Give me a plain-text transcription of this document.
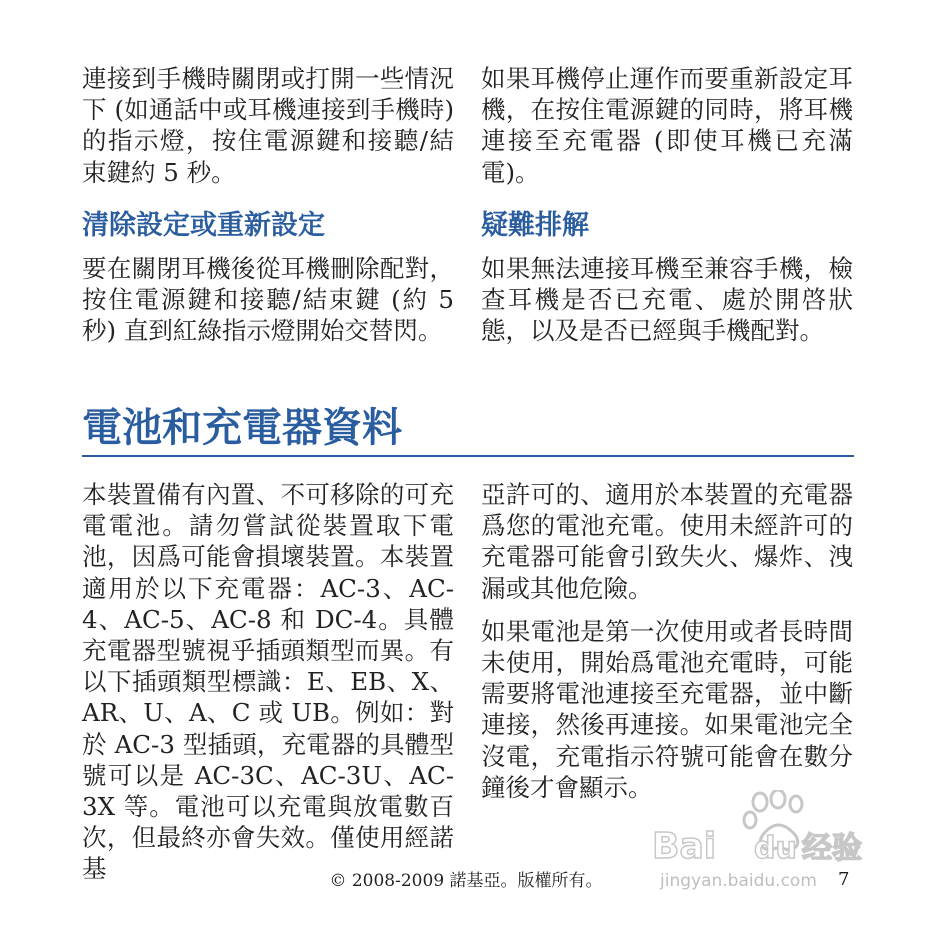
連接到手機時關閉或打開一些情況下 (如通話中或耳機連接到手機時) 的指示燈，按住電源鍵和接聽/結束鍵約 5 秒。

如果耳機停止運作而要重新設定耳機，在按住電源鍵的同時，將耳機連接至充電器 (即使耳機已充滿電)。

清除設定或重新設定	疑難排解

要在關閉耳機後從耳機刪除配對，按住電源鍵和接聽/結束鍵 (約 5 秒) 直到紅綠指示燈開始交替閃。

如果無法連接耳機至兼容手機，檢查耳機是否已充電、處於開啓狀態，以及是否已經與手機配對。

電池和充電器資料

本裝置備有內置、不可移除的可充電電池。請勿嘗試從裝置取下電池，因爲可能會損壞裝置。本裝置適用於以下充電器：AC-3、AC-4、AC-5、AC-8 和 DC-4。具體充電器型號視乎插頭類型而異。有以下插頭類型標識：E、EB、X、AR、U、A、C 或 UB。例如：對於 AC-3 型插頭，充電器的具體型號可以是 AC-3C、AC-3U、AC-3X 等。電池可以充電與放電數百次，但最終亦會失效。僅使用經諾基

亞許可的、適用於本裝置的充電器爲您的電池充電。使用未經許可的充電器可能會引致失火、爆炸、洩漏或其他危險。

如果電池是第一次使用或者長時間未使用，開始爲電池充電時，可能需要將電池連接至充電器，並中斷連接，然後再連接。如果電池完全沒電，充電指示符號可能會在數分鐘後才會顯示。

Bai du 经验
jingyan.baidu.com
© 2008-2009 諾基亞。版權所有。	7
